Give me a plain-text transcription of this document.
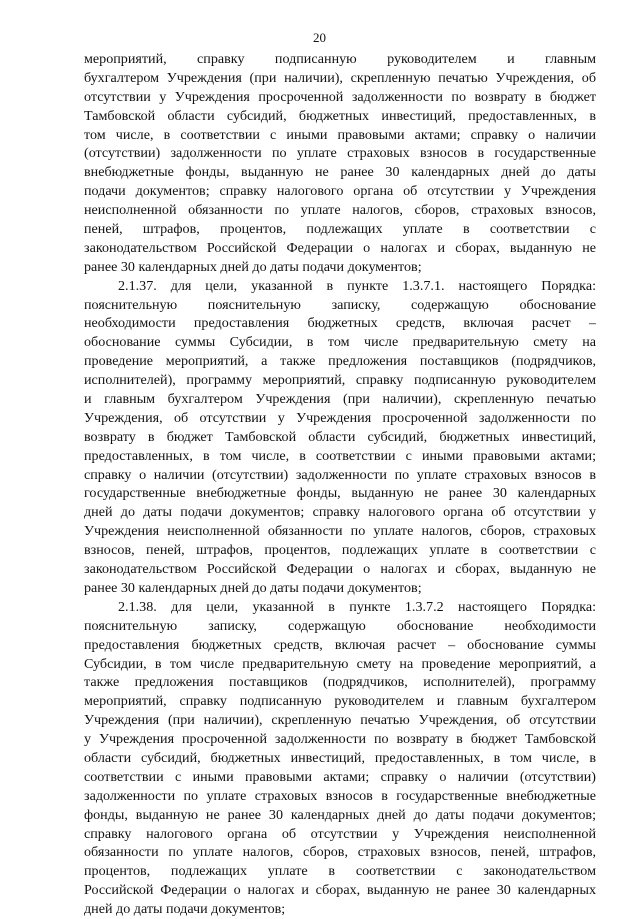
20
мероприятий, справку подписанную руководителем и главным
бухгалтером Учреждения (при наличии), скрепленную печатью Учреждения, об
отсутствии у Учреждения просроченной задолженности по возврату в бюджет
Тамбовской области субсидий, бюджетных инвестиций, предоставленных, в
том числе, в соответствии с иными правовыми актами; справку о наличии
(отсутствии) задолженности по уплате страховых взносов в государственные
внебюджетные фонды, выданную не ранее 30 календарных дней до даты
подачи документов; справку налогового органа об отсутствии у Учреждения
неисполненной обязанности по уплате налогов, сборов, страховых взносов,
пеней, штрафов, процентов, подлежащих уплате в соответствии с
законодательством Российской Федерации о налогах и сборах, выданную не
ранее 30 календарных дней до даты подачи документов;
2.1.37. для цели, указанной в пункте 1.3.7.1. настоящего Порядка:
пояснительную пояснительную записку, содержащую обоснование
необходимости предоставления бюджетных средств, включая расчет –
обоснование суммы Субсидии, в том числе предварительную смету на
проведение мероприятий, а также предложения поставщиков (подрядчиков,
исполнителей), программу мероприятий, справку подписанную руководителем
и главным бухгалтером Учреждения (при наличии), скрепленную печатью
Учреждения, об отсутствии у Учреждения просроченной задолженности по
возврату в бюджет Тамбовской области субсидий, бюджетных инвестиций,
предоставленных, в том числе, в соответствии с иными правовыми актами;
справку о наличии (отсутствии) задолженности по уплате страховых взносов в
государственные внебюджетные фонды, выданную не ранее 30 календарных
дней до даты подачи документов; справку налогового органа об отсутствии у
Учреждения неисполненной обязанности по уплате налогов, сборов, страховых
взносов, пеней, штрафов, процентов, подлежащих уплате в соответствии с
законодательством Российской Федерации о налогах и сборах, выданную не
ранее 30 календарных дней до даты подачи документов;
2.1.38. для цели, указанной в пункте 1.3.7.2 настоящего Порядка:
пояснительную записку, содержащую обоснование необходимости
предоставления бюджетных средств, включая расчет – обоснование суммы
Субсидии, в том числе предварительную смету на проведение мероприятий, а
также предложения поставщиков (подрядчиков, исполнителей), программу
мероприятий, справку подписанную руководителем и главным бухгалтером
Учреждения (при наличии), скрепленную печатью Учреждения, об отсутствии
у Учреждения просроченной задолженности по возврату в бюджет Тамбовской
области субсидий, бюджетных инвестиций, предоставленных, в том числе, в
соответствии с иными правовыми актами; справку о наличии (отсутствии)
задолженности по уплате страховых взносов в государственные внебюджетные
фонды, выданную не ранее 30 календарных дней до даты подачи документов;
справку налогового органа об отсутствии у Учреждения неисполненной
обязанности по уплате налогов, сборов, страховых взносов, пеней, штрафов,
процентов, подлежащих уплате в соответствии с законодательством
Российской Федерации о налогах и сборах, выданную не ранее 30 календарных
дней до даты подачи документов;
